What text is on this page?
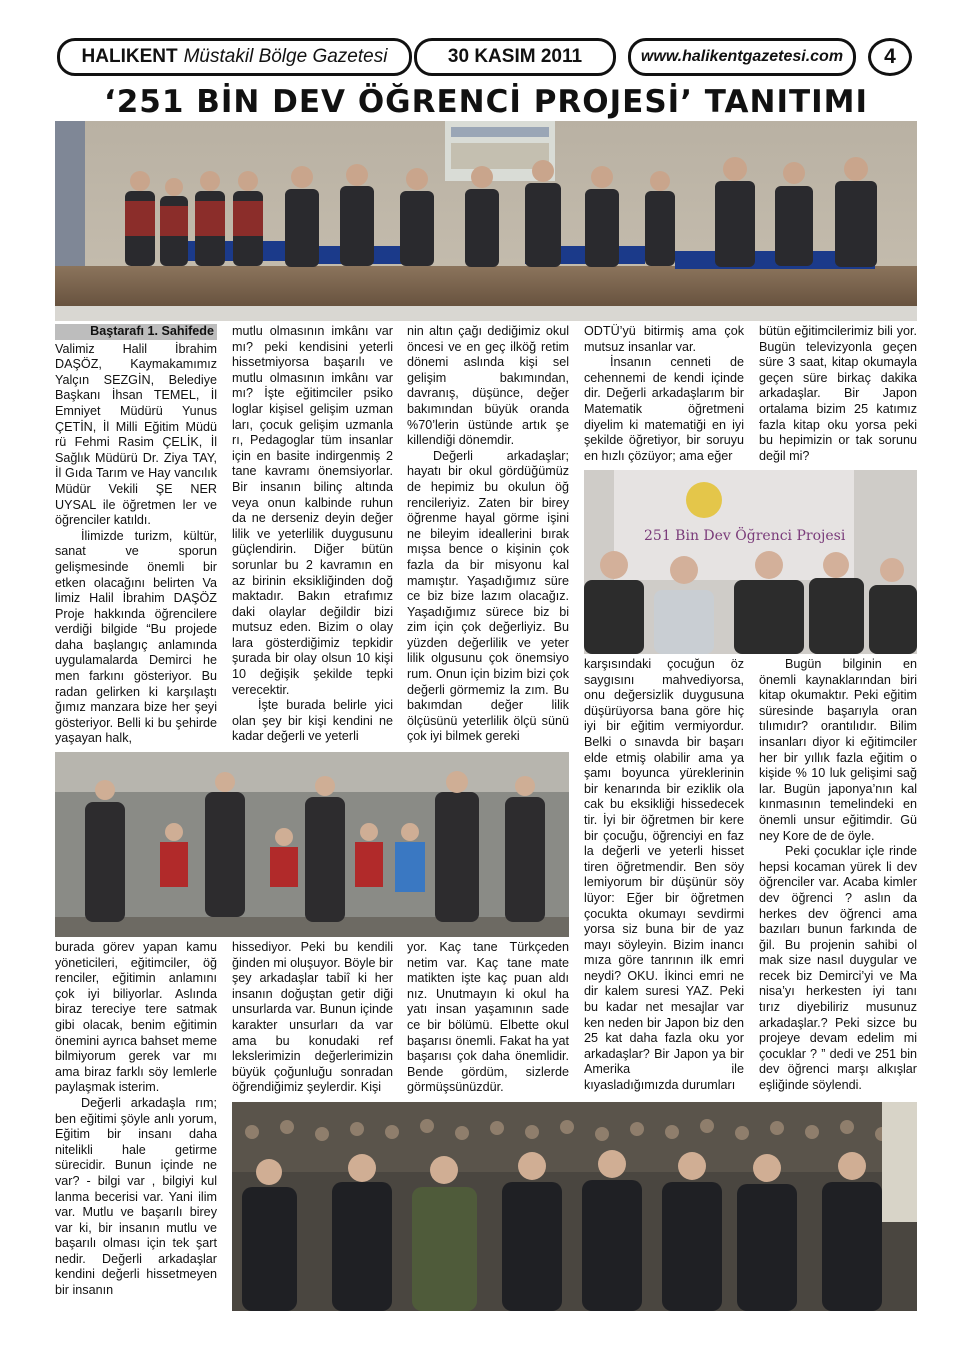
HALIKENT Müstakil Bölge Gazetesi	30 KASIM 2011	www.halikentgazetesi.com	4
‘251 BİN DEV ÖĞRENCİ PROJESİ’ TANITIMI
Baştarafı 1. Sahifede

Valimiz Halil İbrahim DAŞÖZ, Kaymakamımız Yalçın SEZGİN, Belediye Başkanı İhsan TEMEL, İl Emniyet Müdürü Yunus ÇETİN, İl Milli Eğitim Müdü rü Fehmi Rasim ÇELİK, İl Sağlık Müdürü Dr. Ziya TAY, İl Gıda Tarım ve Hay vancılık Müdür Vekili ŞE NER UYSAL ile öğretmen ler ve öğrenciler katıldı.

İlimizde turizm, kültür, sanat ve sporun gelişmesinde önemli bir etken olacağını belirten Va limiz Halil İbrahim DAŞÖZ Proje hakkında öğrencilere verdiği bilgide “Bu projede daha başlangıç anlamında uygulamalarda Demirci he men farkını gösteriyor. Bu radan gelirken ki karşılaştı ğımız manzara bize her şeyi gösteriyor. Belli ki bu şehirde yaşayan halk,

burada görev yapan kamu yöneticileri, eğitimciler, öğ renciler, eğitimin anlamını çok iyi biliyorlar. Aslında biraz tereciye tere satmak gibi olacak, benim eğitimin önemini ayrıca bahset meme bilmiyorum gerek var mı ama biraz farklı söy lemlerle paylaşmak isterim.

Değerli arkadaşla rım; ben eğitimi şöyle anlı yorum, Eğitim bir insanı daha nitelikli hale getirme sürecidir. Bunun içinde ne var? - bilgi var , bilgiyi kul lanma becerisi var. Yani ilim var. Mutlu ve başarılı birey var ki, bir insanın mutlu ve başarılı olması için tek şart nedir. Değerli arkadaşlar kendini değerli hissetmeyen bir insanın

mutlu olmasının imkânı var mı? peki kendisini yeterli hissetmiyorsa başarılı ve mutlu olmasının imkânı var mı? İşte eğitimciler psiko loglar kişisel gelişim uzman ları, çocuk gelişim uzmanla rı, Pedagoglar tüm insanlar için en basite indirgenmiş 2 tane kavramı önemsiyorlar. Bir insanın bilinç altında veya onun kalbinde ruhun da ne derseniz deyin değer lilik ve yeterlilik duygusunu güçlendirin. Diğer bütün sorunlar bu 2 kavramın en az birinin eksikliğinden doğ maktadır. Bakın etrafımız daki olaylar değildir bizi mutsuz eden. Bizim o olay lara gösterdiğimiz tepkidir şurada bir olay olsun 10 kişi 10 değişik şekilde tepki verecektir.

İşte burada belirle yici olan şey bir kişi kendini ne kadar değerli ve yeterli

hissediyor. Peki bu kendili ğinden mi oluşuyor. Böyle bir şey arkadaşlar tabiî ki her insanın doğuştan getir diği unsurlarda var. Bunun içinde karakter unsurları da var ama bu konudaki ref lekslerimizin değerlerimizin büyük çoğunluğu sonradan öğrendiğimiz şeylerdir. Kişi

nin altın çağı dediğimiz okul öncesi ve en geç ilköğ retim dönemi aslında kişi sel gelişim bakımından, davranış, düşünce, değer bakımından büyük oranda %70’lerin üstünde artık şe killendiği dönemdir.

Değerli arkadaşlar; hayatı bir okul gördüğümüz de hepimiz bu okulun öğ rencileriyiz. Zaten bir birey öğrenme hayal görme işini ne bileyim ideallerini bırak mışsa bence o kişinin çok fazla da bir misyonu kal mamıştır. Yaşadığımız süre ce biz bize lazım olacağız. Yaşadığımız sürece biz bi zim için çok değerliyiz. Bu yüzden değerlilik ve yeter lilik olgusunu çok önemsiyo rum. Onun için bizim bizi çok değerli görmemiz la zım. Bu bakımdan değer lilik ölçüsünü yeterlilik ölçü sünü çok iyi bilmek gereki

yor. Kaç tane Türkçeden netim var. Kaç tane mate matikten işte kaç puan aldı nız. Unutmayın ki okul ha yatı insan yaşamının sade ce bir bölümü. Elbette okul başarısı önemli. Fakat ha yat başarısı çok daha önemlidir. Bende gördüm, sizlerde görmüşsünüzdür.

ODTÜ’yü bitirmiş ama çok mutsuz insanlar var.

İnsanın cenneti de cehennemi de kendi içinde dir. Değerli arkadaşlarım bir Matematik öğretmeni diyelim ki matematiği en iyi şekilde öğretiyor, bir soruyu en hızlı çözüyor; ama eğer

karşısındaki çocuğun öz saygısını mahvediyorsa, onu değersizlik duygusuna düşürüyorsa bana göre hiç iyi bir eğitim vermiyordur. Belki o sınavda bir başarı elde etmiş olabilir ama ya şamı boyunca yüreklerinin bir kenarında bir eziklik ola cak bu eksikliği hissedecek tir. İyi bir öğretmen bir kere bir çocuğu, öğrenciyi en faz la değerli ve yeterli hisset tiren öğretmendir. Ben söy lemiyorum bir düşünür söy lüyor: Eğer bir öğretmen çocukta okumayı sevdirmi yorsa siz buna bir de yaz mayı söyleyin. Bizim inancı mıza göre tanrının ilk emri neydi? OKU. İkinci emri ne dir kalem suresi YAZ. Peki bu kadar net mesajlar var ken neden bir Japon biz den 25 kat daha fazla oku yor arkadaşlar? Bir Japon ya bir Amerika ile kıyasladığımızda durumları

bütün eğitimcilerimiz bili yor. Bugün televizyonla geçen süre 3 saat, kitap okumayla geçen süre birkaç dakika arkadaşlar. Bir Japon ortalama bizim 25 katımız fazla kitap oku yorsa peki bu hepimizin or tak sorunu değil mi?

Bugün bilginin en önemli kaynaklarından biri kitap okumaktır. Peki eğitim süresinde başarıyla oran tılımıdır? orantılıdır. Bilim insanları diyor ki eğitimciler her bir yıllık fazla eğitim o kişide % 10 luk gelişimi sağ lar. Bugün japonya’nın kal kınmasının temelindeki en önemli unsur eğitimdir. Gü ney Kore de de öyle.

Peki çocuklar içle rinde hepsi kocaman yürek li dev öğrenciler var. Acaba kimler dev öğrenci ? aslın da herkes dev öğrenci ama bazıları bunun farkında de ğil. Bu projenin sahibi ol mak size nasıl duygular ve recek biz Demirci’yi ve Ma nisa’yı herkesten iyi tanı tırız diyebiliriz musunuz arkadaşlar.? Peki sizce bu projeye devam edelim mi çocuklar ? ” dedi ve 251 bin dev öğrenci marşı alkışlar eşliğinde söylendi.

251 Bin Dev Öğrenci Projesi
